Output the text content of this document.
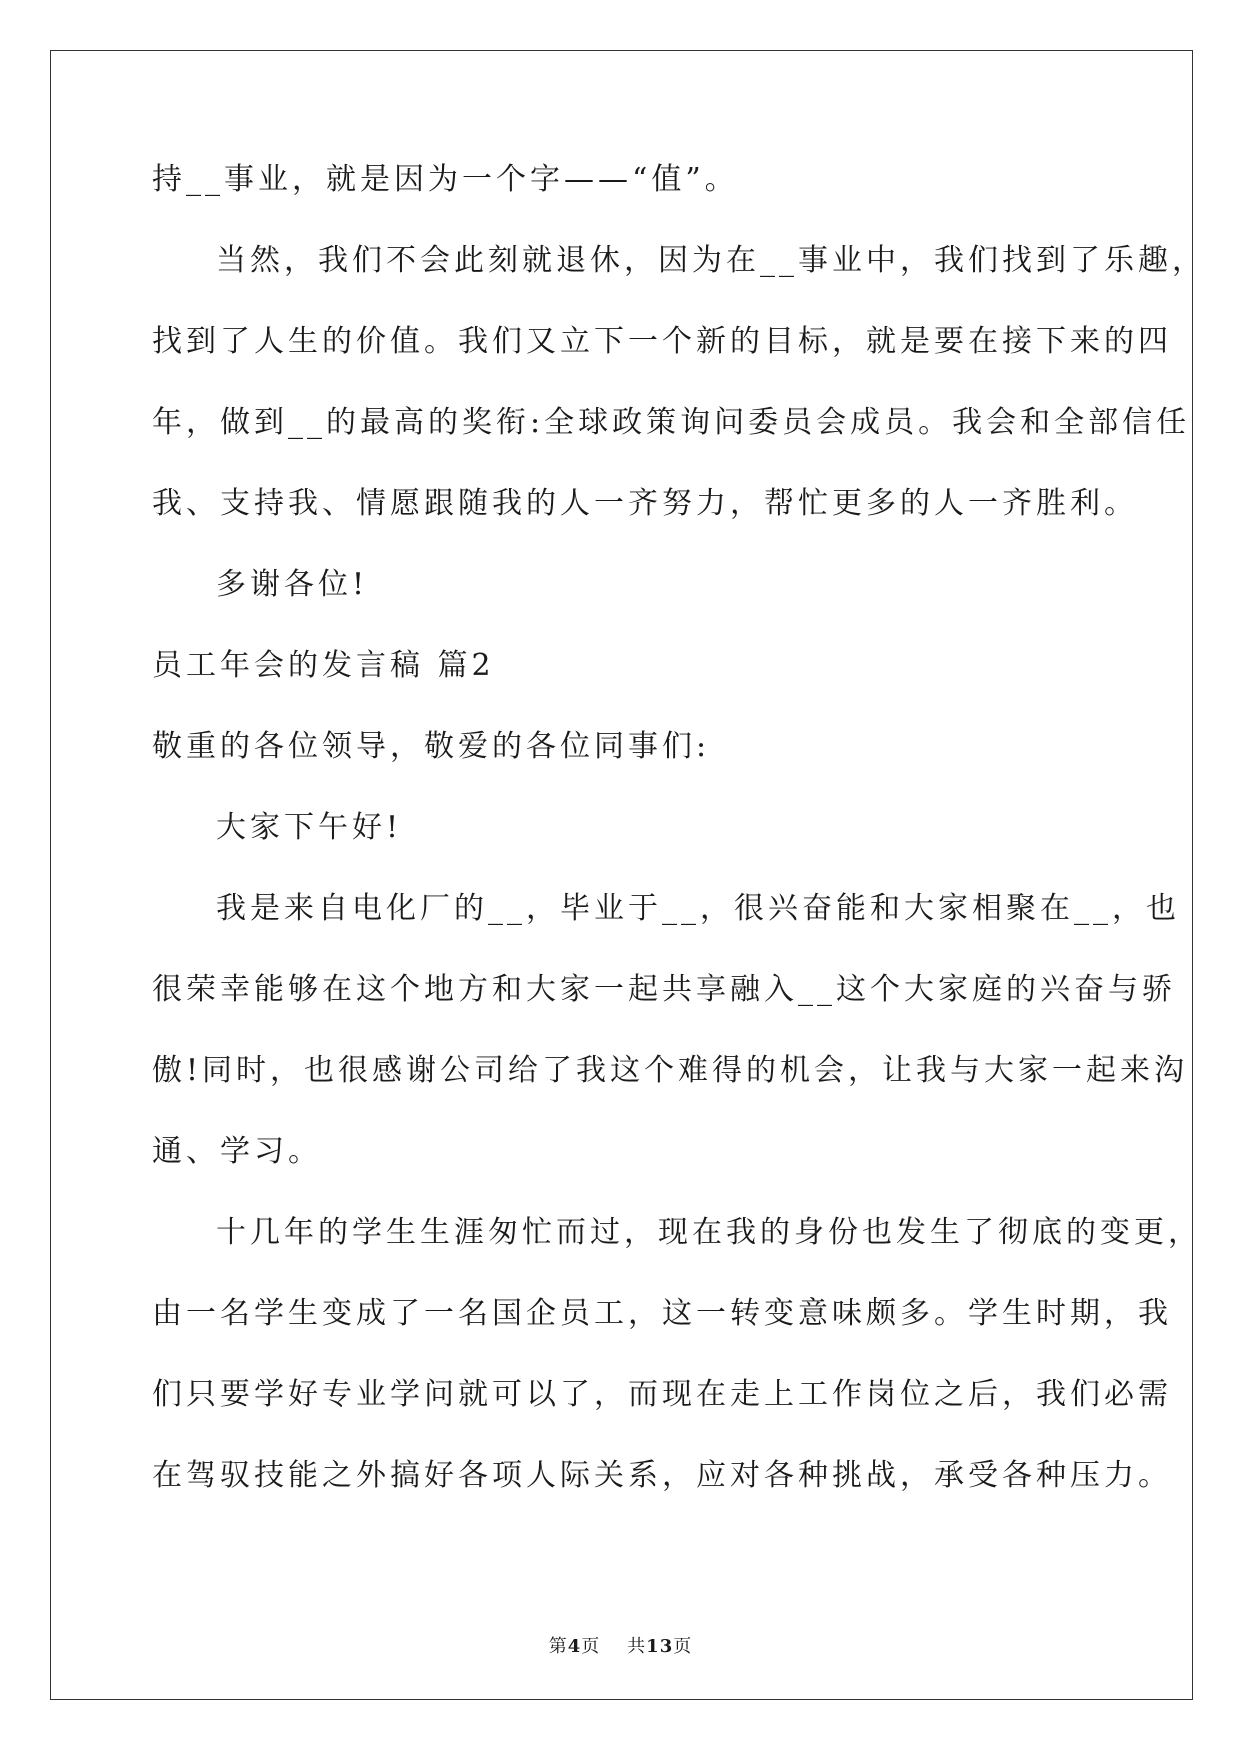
持__事业，就是因为一个字——“值”。
当然，我们不会此刻就退休，因为在__事业中，我们找到了乐趣，
找到了人生的价值。我们又立下一个新的目标，就是要在接下来的四
年，做到__的最高的奖衔:全球政策询问委员会成员。我会和全部信任
我、支持我、情愿跟随我的人一齐努力，帮忙更多的人一齐胜利。
多谢各位!
员工年会的发言稿 篇2
敬重的各位领导，敬爱的各位同事们:
大家下午好!
我是来自电化厂的__，毕业于__，很兴奋能和大家相聚在__，也
很荣幸能够在这个地方和大家一起共享融入__这个大家庭的兴奋与骄
傲!同时，也很感谢公司给了我这个难得的机会，让我与大家一起来沟
通、学习。
十几年的学生生涯匆忙而过，现在我的身份也发生了彻底的变更，
由一名学生变成了一名国企员工，这一转变意味颇多。学生时期，我
们只要学好专业学问就可以了，而现在走上工作岗位之后，我们必需
在驾驭技能之外搞好各项人际关系，应对各种挑战，承受各种压力。
第4页 共13页
